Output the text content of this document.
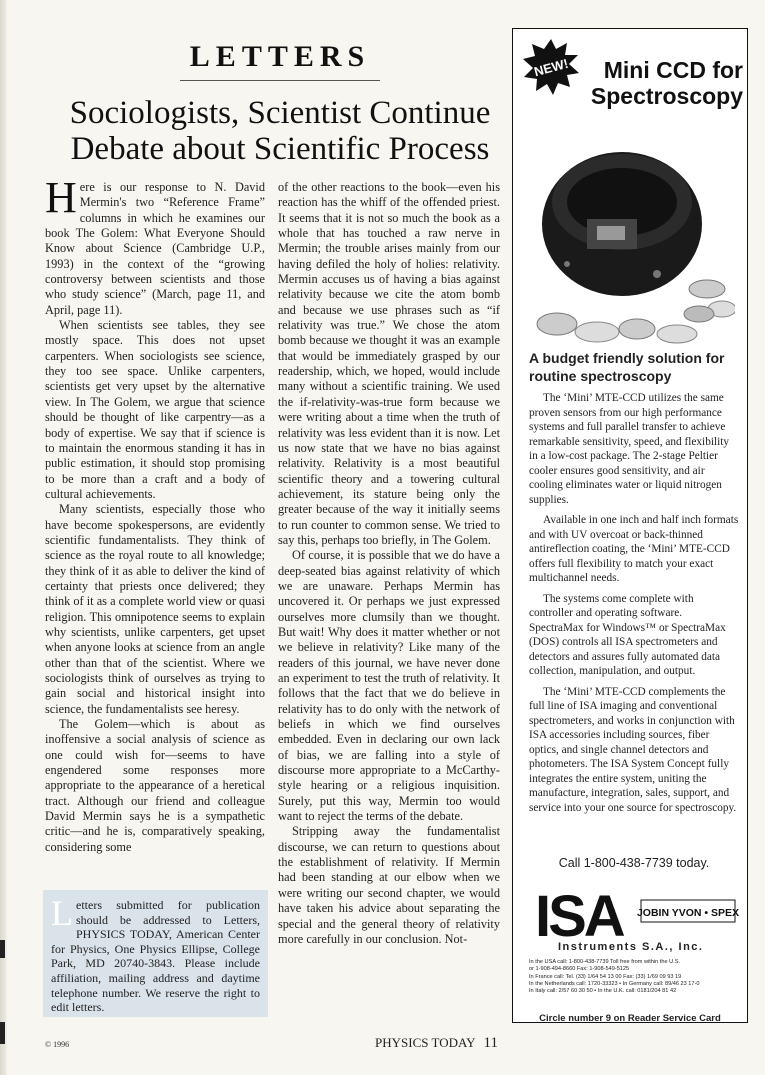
LETTERS
Sociologists, Scientist Continue Debate about Scientific Process

Here is our response to N. David Mermin's two “Reference Frame” columns in which he examines our book The Golem: What Everyone Should Know about Science (Cambridge U.P., 1993) in the context of the “growing controversy between scientists and those who study science” (March, page 11, and April, page 11).

When scientists see tables, they see mostly space. This does not upset carpenters. When sociologists see science, they too see space. Unlike carpenters, scientists get very upset by the alternative view. In The Golem, we argue that science should be thought of like carpentry—as a body of expertise. We say that if science is to maintain the enormous standing it has in public estimation, it should stop promising to be more than a craft and a body of cultural achievements.

Many scientists, especially those who have become spokespersons, are evidently scientific fundamentalists. They think of science as the royal route to all knowledge; they think of it as able to deliver the kind of certainty that priests once delivered; they think of it as a complete world view or quasi religion. This omnipotence seems to explain why scientists, unlike carpenters, get upset when anyone looks at science from an angle other than that of the scientist. Where we sociologists think of ourselves as trying to gain social and historical insight into science, the fundamentalists see heresy.

The Golem—which is about as inoffensive a social analysis of science as one could wish for—seems to have engendered some responses more appropriate to the appearance of a heretical tract. Although our friend and colleague David Mermin says he is a sympathetic critic—and he is, comparatively speaking, considering some

of the other reactions to the book—even his reaction has the whiff of the offended priest. It seems that it is not so much the book as a whole that has touched a raw nerve in Mermin; the trouble arises mainly from our having defiled the holy of holies: relativity. Mermin accuses us of having a bias against relativity because we cite the atom bomb and because we use phrases such as “if relativity was true.” We chose the atom bomb because we thought it was an example that would be immediately grasped by our readership, which, we hoped, would include many without a scientific training. We used the if-relativity-was-true form because we were writing about a time when the truth of relativity was less evident than it is now. Let us now state that we have no bias against relativity. Relativity is a most beautiful scientific theory and a towering cultural achievement, its stature being only the greater because of the way it initially seems to run counter to common sense. We tried to say this, perhaps too briefly, in The Golem.

Of course, it is possible that we do have a deep-seated bias against relativity of which we are unaware. Perhaps Mermin has uncovered it. Or perhaps we just expressed ourselves more clumsily than we thought. But wait! Why does it matter whether or not we believe in relativity? Like many of the readers of this journal, we have never done an experiment to test the truth of relativity. It follows that the fact that we do believe in relativity has to do only with the network of beliefs in which we find ourselves embedded. Even in declaring our own lack of bias, we are falling into a style of discourse more appropriate to a McCarthy-style hearing or a religious inquisition. Surely, put this way, Mermin too would want to reject the terms of the debate.

Stripping away the fundamentalist discourse, we can return to questions about the establishment of relativity. If Mermin had been standing at our elbow when we were writing our second chapter, we would have taken his advice about separating the special and the general theory of relativity more carefully in our conclusion. Not-

Letters submitted for publication should be addressed to Letters, PHYSICS TODAY, American Center for Physics, One Physics Ellipse, College Park, MD 20740-3843. Please include affiliation, mailing address and daytime telephone number. We reserve the right to edit letters.
© 1996	PHYSICS TODAY 11
NEW!	Mini CCD for Spectroscopy
A budget friendly solution for routine spectroscopy

The ‘Mini’ MTE-CCD utilizes the same proven sensors from our high performance systems and full parallel transfer to achieve remarkable sensitivity, speed, and flexibility in a low-cost package. The 2-stage Peltier cooler ensures good sensitivity, and air cooling eliminates water or liquid nitrogen supplies.

Available in one inch and half inch formats and with UV overcoat or back-thinned antireflection coating, the ‘Mini’ MTE-CCD offers full flexibility to match your exact multichannel needs.

The systems come complete with controller and operating software. SpectraMax for Windows™ or SpectraMax (DOS) controls all ISA spectrometers and detectors and assures fully automated data collection, manipulation, and output.

The ‘Mini’ MTE-CCD complements the full line of ISA imaging and conventional spectrometers, and works in conjunction with ISA accessories including sources, fiber optics, and single channel detectors and photometers. The ISA System Concept fully integrates the entire system, uniting the manufacture, integration, sales, support, and service into your one source for spectroscopy.

Call 1-800-438-7739 today.
ISA JOBIN YVON • SPEX
Instruments S.A., Inc.
In the USA call: 1-800-438-7739 Toll free from within the U.S.
or 1-908-494-8660 Fax: 1-908-549-5125
In France call: Tel. (33) 1/64 54 13 00 Fax: (33) 1/69 09 93 19
In the Netherlands call: 1720-33323 • In Germany call: 89/46 23 17-0
In Italy call: 2/57 60 30 50 • In the U.K. call: 0181/204 81 42
Circle number 9 on Reader Service Card
